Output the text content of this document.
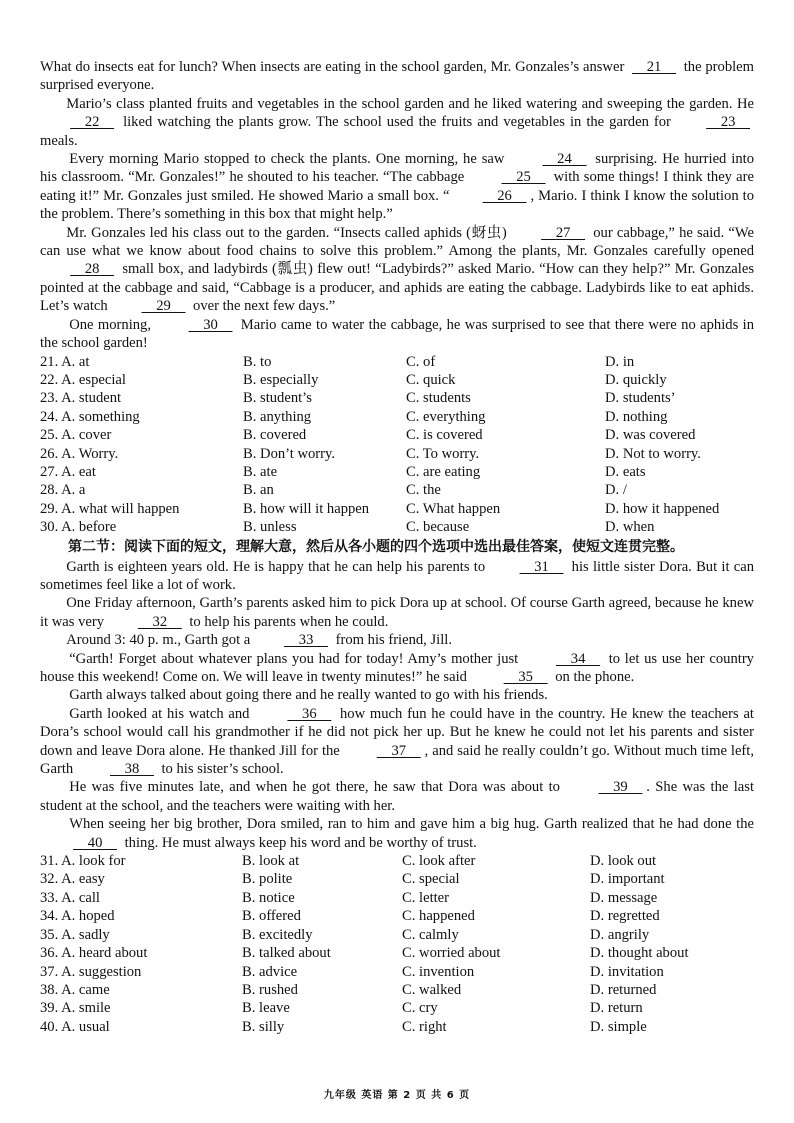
What do insects eat for lunch? When insects are eating in the school garden, Mr. Gonzales’s answer 21 the problem surprised everyone.

Mario’s class planted fruits and vegetables in the school garden and he liked watering and sweeping the garden. He 22 liked watching the plants grow. The school used the fruits and vegetables in the garden for	23 meals.

Every morning Mario stopped to check the plants. One morning, he saw	24 surprising. He hurried into his classroom. “Mr. Gonzales!” he shouted to his teacher. “The cabbage	25 with some things! I think they are eating it!” Mr. Gonzales just smiled. He showed Mario a small box. “	26 , Mario. I think I know the solution to the problem. There’s something in this box that might help.”

Mr. Gonzales led his class out to the garden. “Insects called aphids (蚜虫)	27 our cabbage,” he said. “We can use what we know about food chains to solve this problem.” Among the plants, Mr. Gonzales carefully opened 28 small box, and ladybirds (瓢虫) flew out! “Ladybirds?” asked Mario. “How can they help?” Mr. Gonzales pointed at the cabbage and said, “Cabbage is a producer, and aphids are eating the cabbage. Ladybirds like to eat aphids. Let’s watch	29 over the next few days.”

One morning,	30 Mario came to water the cabbage, he was surprised to see that there were no aphids in the school garden!

21. A. at	B. to	C. of	D. in
22. A. especial	B. especially	C. quick	D. quickly
23. A. student	B. student’s	C. students	D. students’
24. A. something	B. anything	C. everything	D. nothing
25. A. cover	B. covered	C. is covered	D. was covered
26. A. Worry.	B. Don’t worry.	C. To worry.	D. Not to worry.
27. A. eat	B. ate	C. are eating	D. eats
28. A. a	B. an	C. the	D. /
29. A. what will happen	B. how will it happen	C. What happen	D. how it happened
30. A. before	B. unless	C. because	D. when

第二节：阅读下面的短文，理解大意，然后从各小题的四个选项中选出最佳答案，使短文连贯完整。

Garth is eighteen years old. He is happy that he can help his parents to	31 his little sister Dora. But it can sometimes feel like a lot of work.

One Friday afternoon, Garth’s parents asked him to pick Dora up at school. Of course Garth agreed, because he knew it was very	32 to help his parents when he could.

Around 3: 40 p. m., Garth got a	33 from his friend, Jill.

“Garth! Forget about whatever plans you had for today! Amy’s mother just	34 to let us use her country house this weekend! Come on. We will leave in twenty minutes!” he said	35 on the phone.

Garth always talked about going there and he really wanted to go with his friends.

Garth looked at his watch and	36 how much fun he could have in the country. He knew the teachers at Dora’s school would call his grandmother if he did not pick her up. But he knew he could not let his parents and sister down and leave Dora alone. He thanked Jill for the	37 , and said he really couldn’t go. Without much time left, Garth	38 to his sister’s school.

He was five minutes late, and when he got there, he saw that Dora was about to	39 . She was the last student at the school, and the teachers were waiting with her.

When seeing her big brother, Dora smiled, ran to him and gave him a big hug. Garth realized that he had done the 40 thing. He must always keep his word and be worthy of trust.

31. A. look for	B. look at	C. look after	D. look out
32. A. easy	B. polite	C. special	D. important
33. A. call	B. notice	C. letter	D. message
34. A. hoped	B. offered	C. happened	D. regretted
35. A. sadly	B. excitedly	C. calmly	D. angrily
36. A. heard about	B. talked about	C. worried about	D. thought about
37. A. suggestion	B. advice	C. invention	D. invitation
38. A. came	B. rushed	C. walked	D. returned
39. A. smile	B. leave	C. cry	D. return
40. A. usual	B. silly	C. right	D. simple
九年级 英语 第 2 页 共 6 页
